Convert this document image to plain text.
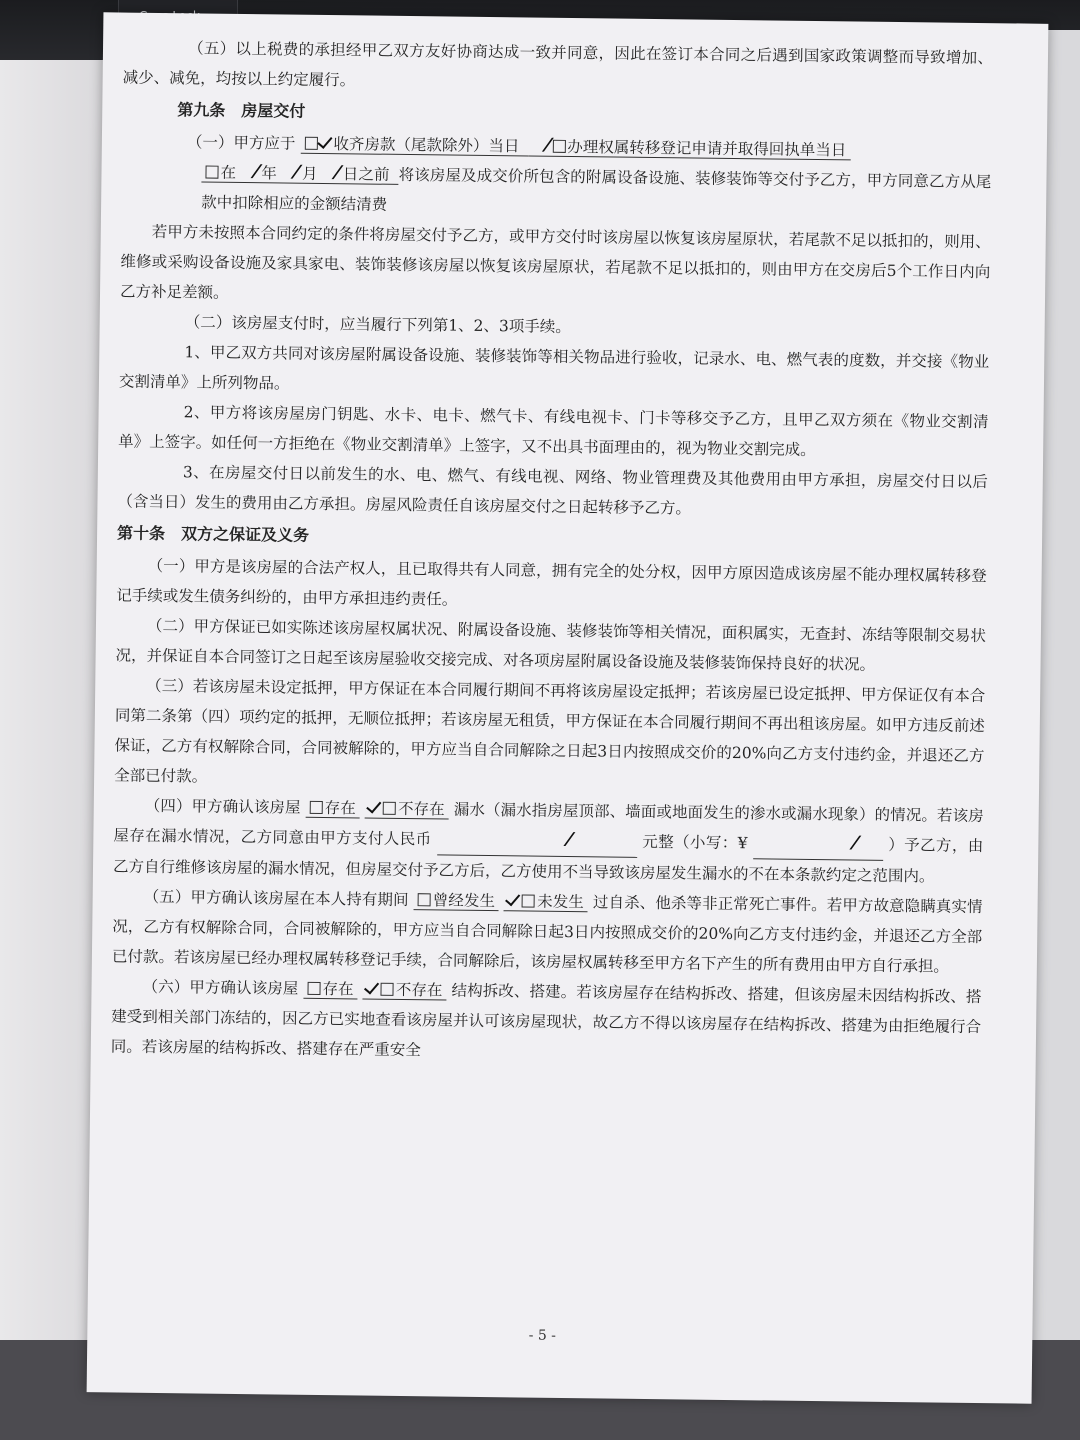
（五）以上税费的承担经甲乙双方友好协商达成一致并同意，因此在签订本合同之后遇到国家政策调整而导致增加、减少、减免，均按以上约定履行。

第九条　房屋交付

（一）甲方应于 收齐房款（尾款除外）当日	办理权属转移登记申请并取得回执单当日

在 年 月 日之前 将该房屋及成交价所包含的附属设备设施、装修装饰等交付予乙方，甲方同意乙方从尾款中扣除相应的金额结清费

若甲方未按照本合同约定的条件将房屋交付予乙方，或甲方交付时该房屋以恢复该房屋原状，若尾款不足以抵扣的，则用、维修或采购设备设施及家具家电、装饰装修该房屋以恢复该房屋原状，若尾款不足以抵扣的，则由甲方在交房后5个工作日内向乙方补足差额。

（二）该房屋支付时，应当履行下列第1、2、3项手续。

1、甲乙双方共同对该房屋附属设备设施、装修装饰等相关物品进行验收，记录水、电、燃气表的度数，并交接《物业交割清单》上所列物品。

2、甲方将该房屋房门钥匙、水卡、电卡、燃气卡、有线电视卡、门卡等移交予乙方，且甲乙双方须在《物业交割清单》上签字。如任何一方拒绝在《物业交割清单》上签字，又不出具书面理由的，视为物业交割完成。

3、在房屋交付日以前发生的水、电、燃气、有线电视、网络、物业管理费及其他费用由甲方承担，房屋交付日以后（含当日）发生的费用由乙方承担。房屋风险责任自该房屋交付之日起转移予乙方。

第十条　双方之保证及义务

（一）甲方是该房屋的合法产权人，且已取得共有人同意，拥有完全的处分权，因甲方原因造成该房屋不能办理权属转移登记手续或发生债务纠纷的，由甲方承担违约责任。

（二）甲方保证已如实陈述该房屋权属状况、附属设备设施、装修装饰等相关情况，面积属实，无查封、冻结等限制交易状况，并保证自本合同签订之日起至该房屋验收交接完成、对各项房屋附属设备设施及装修装饰保持良好的状况。

（三）若该房屋未设定抵押，甲方保证在本合同履行期间不再将该房屋设定抵押；若该房屋已设定抵押、甲方保证仅有本合同第二条第（四）项约定的抵押，无顺位抵押；若该房屋无租赁，甲方保证在本合同履行期间不再出租该房屋。如甲方违反前述保证，乙方有权解除合同，合同被解除的，甲方应当自合同解除之日起3日内按照成交价的20%向乙方支付违约金，并退还乙方全部已付款。

（四）甲方确认该房屋 存在	不存在 漏水（漏水指房屋顶部、墙面或地面发生的渗水或漏水现象）的情况。若该房屋存在漏水情况，乙方同意由甲方支付人民币	元整（小写：¥	）予乙方，由乙方自行维修该房屋的漏水情况，但房屋交付予乙方后，乙方使用不当导致该房屋发生漏水的不在本条款约定之范围内。

（五）甲方确认该房屋在本人持有期间 曾经发生	未发生 过自杀、他杀等非正常死亡事件。若甲方故意隐瞒真实情况，乙方有权解除合同，合同被解除的，甲方应当自合同解除日起3日内按照成交价的20%向乙方支付违约金，并退还乙方全部已付款。若该房屋已经办理权属转移登记手续，合同解除后，该房屋权属转移至甲方名下产生的所有费用由甲方自行承担。

（六）甲方确认该房屋 存在	不存在 结构拆改、搭建。若该房屋存在结构拆改、搭建，但该房屋未因结构拆改、搭建受到相关部门冻结的，因乙方已实地查看该房屋并认可该房屋现状，故乙方不得以该房屋存在结构拆改、搭建为由拒绝履行合同。若该房屋的结构拆改、搭建存在严重安全

- 5 -
